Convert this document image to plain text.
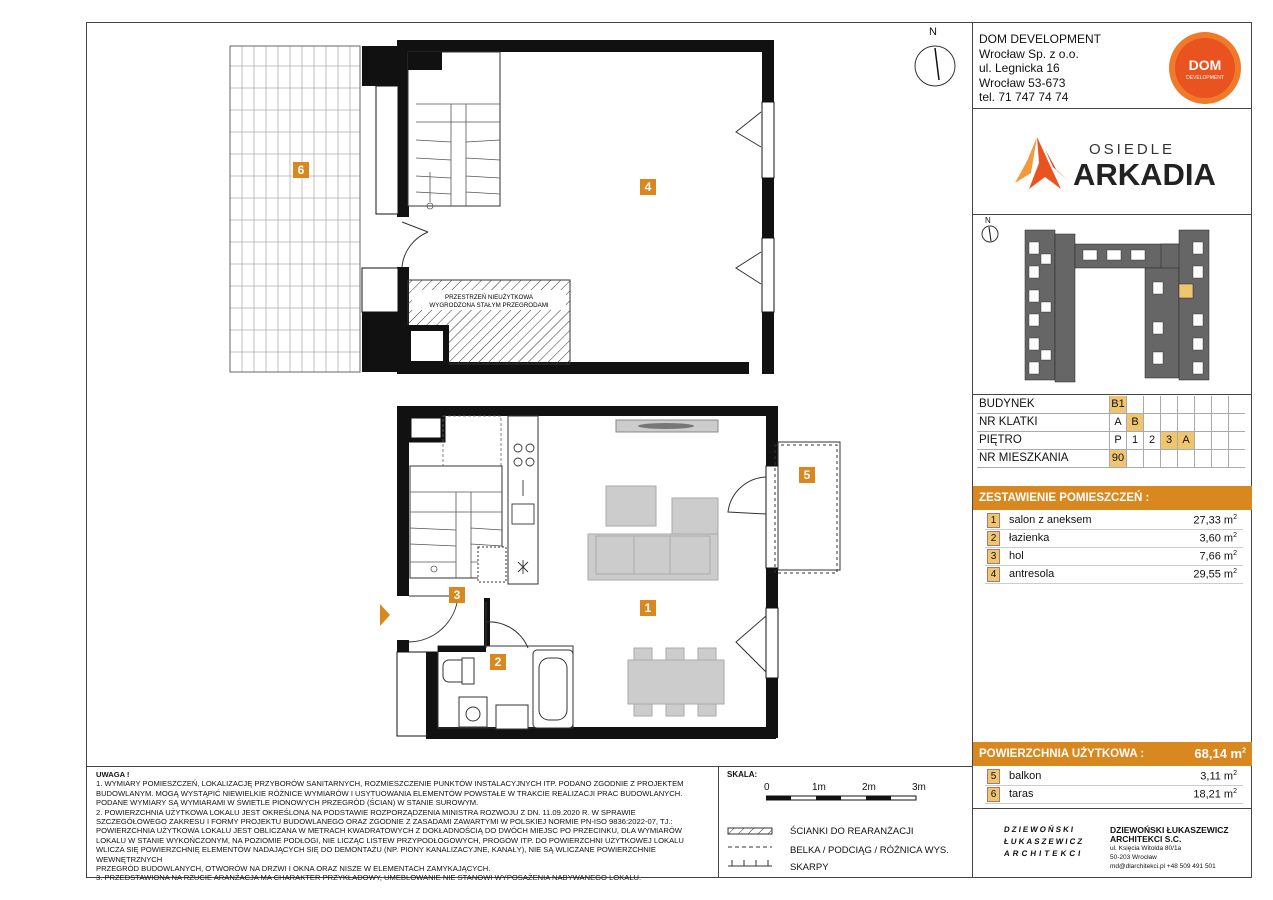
PRZESTRZEŃ NIEUŻYTKOWA
WYGRODZONA STAŁYM PRZEGRODAMI
6
4
5
3
1
2
N	DOM DEVELOPMENT
Wrocław Sp. z o.o.
ul. Legnicka 16
Wrocław 53-673
tel. 71 747 74 74
DOM
DEVELOPMENT
OSIEDLE
ARKADIA
N
BUDYNEK	B1
NR KLATKI	A B
PIĘTRO	P 1 2 3 A
NR MIESZKANIA	90
ZESTAWIENIE POMIESZCZEŃ :
1	salon z aneksem	27,33 $m^2$
2	łazienka	3,60 $m^2$
3	hol	7,66 $m^2$
4	antresola	29,55 $m^2$
POWIERZCHNIA UŻYTKOWA :	68,14 $m^2$
5	balkon	3,11 $m^2$
6	taras	18,21 $m^2$
UWAGA !
1. WYMIARY POMIESZCZEŃ, LOKALIZACJĘ PRZYBORÓW SANITARNYCH, ROZMIESZCZENIE PUNKTÓW INSTALACYJNYCH ITP. PODANO ZGODNIE Z PROJEKTEM
BUDOWLANYM. MOGĄ WYSTĄPIĆ NIEWIELKIE RÓŻNICE WYMIARÓW I USYTUOWANIA ELEMENTÓW POWSTAŁE W TRAKCIE REALIZACJI PRAC BUDOWLANYCH.
PODANE WYMIARY SĄ WYMIARAMI W ŚWIETLE PIONOWYCH PRZEGRÓD (ŚCIAN) W STANIE SUROWYM.
2. POWIERZCHNIA UŻYTKOWA LOKALU JEST OKREŚLONA NA PODSTAWIE ROZPORZĄDZENIA MINISTRA ROZWOJU Z DN. 11.09.2020 R. W SPRAWIE
SZCZEGÓŁOWEGO ZAKRESU I FORMY PROJEKTU BUDOWLANEGO ORAZ ZGODNIE Z ZASADAMI ZAWARTYMI W POLSKIEJ NORMIE PN-ISO 9836:2022-07, TJ.:
POWIERZCHNIA UŻYTKOWA LOKALU JEST OBLICZANA W METRACH KWADRATOWYCH Z DOKŁADNOŚCIĄ DO DWÓCH MIEJSC PO PRZECINKU, DLA WYMIARÓW
LOKALU W STANIE WYKOŃCZONYM, NA POZIOMIE PODŁOGI, NIE LICZĄC LISTEW PRZYPODŁOGOWYCH, PROGÓW ITP. DO POWIERZCHNI UŻYTKOWEJ LOKALU
WLICZA SIĘ POWIERZCHNIĘ ELEMENTÓW NADAJĄCYCH SIĘ DO DEMONTAŻU (NP. PIONY KANALIZACYJNE, KANAŁY), NIE SĄ WLICZANE POWIERZCHNIE WEWNĘTRZNYCH
PRZEGRÓD BUDOWLANYCH, OTWORÓW NA DRZWI I OKNA ORAZ NISZE W ELEMENTACH ZAMYKAJĄCYCH.
3. PRZEDSTAWIONA NA RZUCIE ARANŻACJA MA CHARAKTER PRZYKŁADOWY, UMEBLOWANIE NIE STANOWI WYPOSAŻENIA NABYWANEGO LOKALU.
SKALA:
0	1m	2m	3m
ŚCIANKI DO REARANŻACJI
BELKA / PODCIĄG / RÓŻNICA WYS.
SKARPY
DZIEWOŃSKI
ŁUKASZEWICZ
ARCHITEKCI
DZIEWOŃSKI ŁUKASZEWICZ
ARCHITEKCI S.C.
ul. Księcia Witolda 80/1a
50-203 Wrocław
md@dlarchitekci.pl +48 509 491 501
